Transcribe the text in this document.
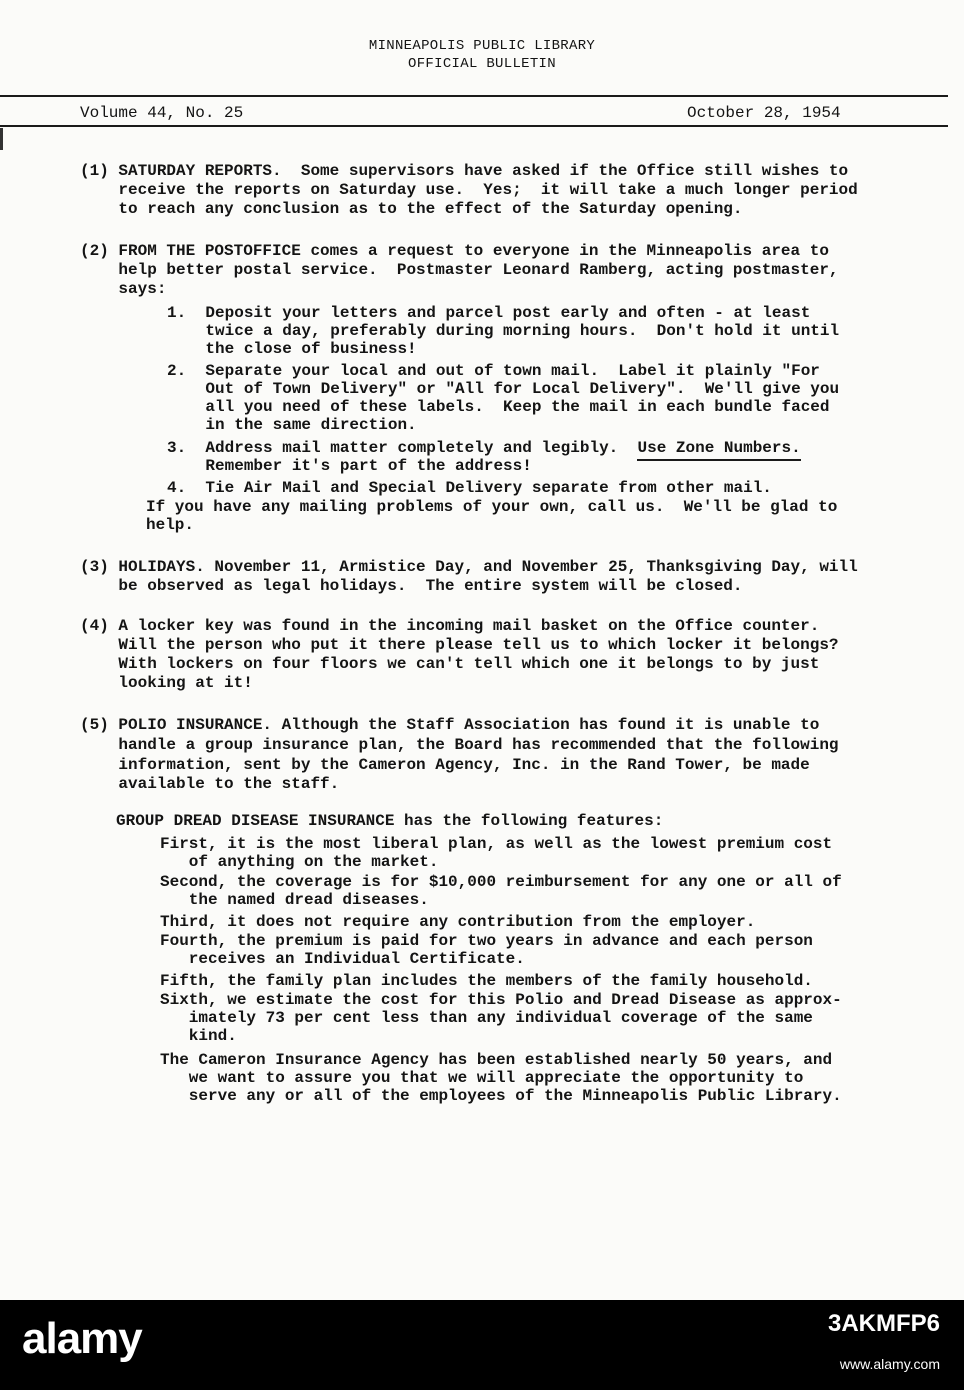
MINNEAPOLIS PUBLIC LIBRARY
OFFICIAL BULLETIN
Volume 44, No. 25	October 28, 1954
(1) SATURDAY REPORTS.  Some supervisors have asked if the Office still wishes to
receive the reports on Saturday use.  Yes;  it will take a much longer period
to reach any conclusion as to the effect of the Saturday opening.
(2) FROM THE POSTOFFICE comes a request to everyone in the Minneapolis area to
help better postal service.  Postmaster Leonard Ramberg, acting postmaster,
says:
1.  Deposit your letters and parcel post early and often - at least
twice a day, preferably during morning hours.  Don't hold it until
the close of business!
2.  Separate your local and out of town mail.  Label it plainly "For
Out of Town Delivery" or "All for Local Delivery".  We'll give you
all you need of these labels.  Keep the mail in each bundle faced
in the same direction.
3.  Address mail matter completely and legibly.  Use Zone Numbers.
Remember it's part of the address!
4.  Tie Air Mail and Special Delivery separate from other mail.
If you have any mailing problems of your own, call us.  We'll be glad to
help.
(3) HOLIDAYS. November 11, Armistice Day, and November 25, Thanksgiving Day, will
be observed as legal holidays.  The entire system will be closed.
(4) A locker key was found in the incoming mail basket on the Office counter.
Will the person who put it there please tell us to which locker it belongs?
With lockers on four floors we can't tell which one it belongs to by just
looking at it!
(5) POLIO INSURANCE. Although the Staff Association has found it is unable to
handle a group insurance plan, the Board has recommended that the following
information, sent by the Cameron Agency, Inc. in the Rand Tower, be made
available to the staff.
GROUP DREAD DISEASE INSURANCE has the following features:
First, it is the most liberal plan, as well as the lowest premium cost
of anything on the market.
Second, the coverage is for $10,000 reimbursement for any one or all of
the named dread diseases.
Third, it does not require any contribution from the employer.
Fourth, the premium is paid for two years in advance and each person
receives an Individual Certificate.
Fifth, the family plan includes the members of the family household.
Sixth, we estimate the cost for this Polio and Dread Disease as approx-
imately 73 per cent less than any individual coverage of the same
kind.
The Cameron Insurance Agency has been established nearly 50 years, and
we want to assure you that we will appreciate the opportunity to
serve any or all of the employees of the Minneapolis Public Library.
alamy	3AKMFP6
www.alamy.com
